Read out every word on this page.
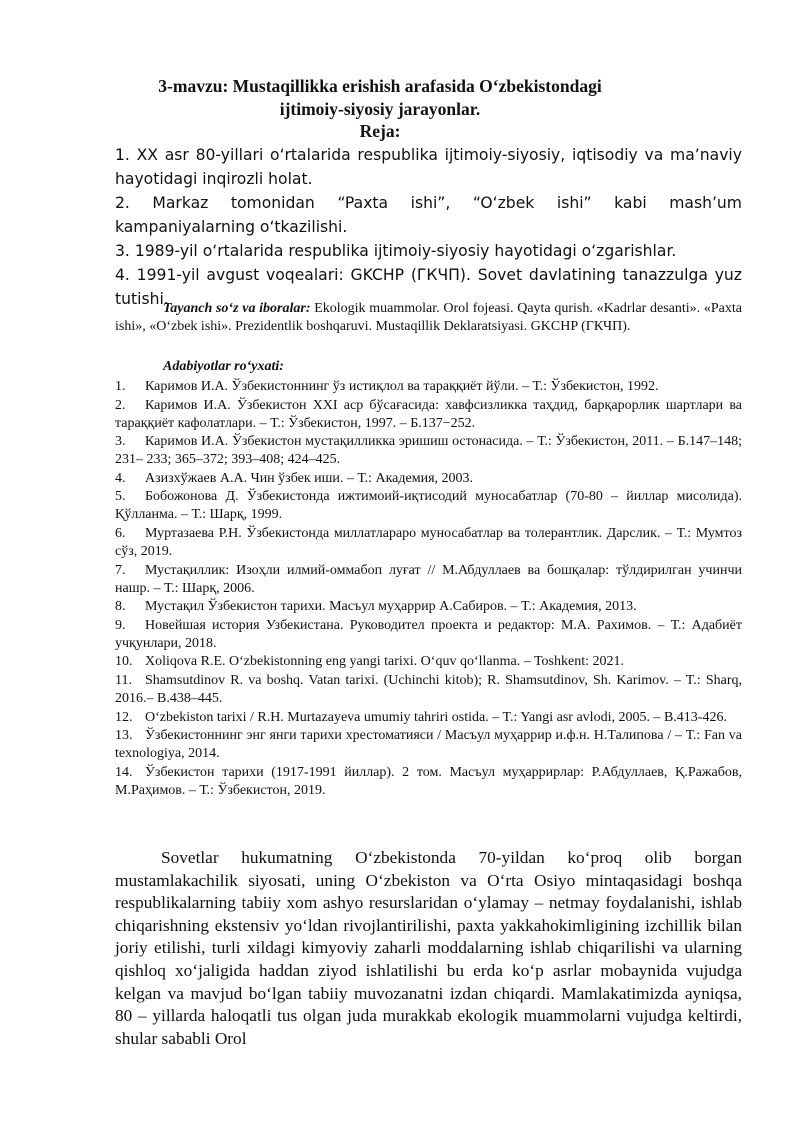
3-mavzu: Mustaqillikka erishish arafasida O‘zbekistondagi
ijtimoiy-siyosiy jarayonlar.
Reja:

1. XX asr 80-yillari o‘rtalarida respublika ijtimoiy-siyosiy, iqtisodiy va ma’naviy hayotidagi inqirozli holat.

2. Markaz tomonidan “Paxta ishi”, “O‘zbek ishi” kabi mash’um kampaniyalarning o‘tkazilishi.

3. 1989-yil o‘rtalarida respublika ijtimoiy-siyosiy hayotidagi o‘zgarishlar.

4. 1991-yil avgust voqealari: GKCHP (ГКЧП). Sovet davlatining tanazzulga yuz tutishi.

Tayanch so‘z va iboralar: Ekologik muammolar. Orol fojeasi. Qayta qurish. «Kadrlar desanti». «Paxta ishi», «O‘zbek ishi». Prezidentlik boshqaruvi. Mustaqillik Deklaratsiyasi. GKCHP (ГКЧП).

Adabiyotlar ro‘yxati:
1. Каримов И.А. Ўзбекистоннинг ўз истиқлол ва тараққиёт йўли. – Т.: Ўзбекистон, 1992.
2. Каримов И.А. Ўзбекистон XXI аср бўсағасида: хавфсизликка таҳдид, барқарорлик шартлари ва тараққиёт кафолатлари. – Т.: Ўзбекистон, 1997. – Б.137−252.
3. Каримов И.А. Ўзбекистон мустақилликка эришиш остонасида. – Т.: Ўзбекистон, 2011. – Б.147–148; 231– 233; 365–372; 393–408; 424–425.
4. Азизхўжаев А.А. Чин ўзбек иши. – Т.: Академия, 2003.
5. Бобожонова Д. Ўзбекистонда ижтимоий-иқтисодий муносабатлар (70-80 – йиллар мисолида). Қўлланма. – Т.: Шарқ, 1999.
6. Муртазаева Р.Н. Ўзбекистонда миллатлараро муносабатлар ва толерантлик. Дарслик. – Т.: Мумтоз сўз, 2019.
7. Мустақиллик: Изоҳли илмий-оммабоп луғат // М.Абдуллаев ва бошқалар: тўлдирилган учинчи нашр. – Т.: Шарқ, 2006.
8. Мустақил Ўзбекистон тарихи. Масъул муҳаррир А.Сабиров. – Т.: Академия, 2013.
9. Новейшая история Узбекистана. Руководител проекта и редактор: М.А. Рахимов. – Т.: Адабиёт учқунлари, 2018.
10. Xoliqova R.E. O‘zbekistonning eng yangi tarixi. O‘quv qo‘llanma. – Toshkent: 2021.
11. Shamsutdinov R. va boshq. Vatan tarixi. (Uchinchi kitob); R. Shamsutdinov, Sh. Karimov. – T.: Sharq, 2016.– B.438–445.
12. O‘zbekiston tarixi / R.H. Murtazayeva umumiy tahriri ostida. – T.: Yangi asr avlodi, 2005. – B.413-426.
13. Ўзбекистоннинг энг янги тарихи хрестоматияси / Масъул муҳаррир и.ф.н. Н.Талипова / – Т.: Fan va texnologiya, 2014.
14. Ўзбекистон тарихи (1917-1991 йиллар). 2 том. Масъул муҳаррирлар: Р.Абдуллаев, Қ.Ражабов, М.Раҳимов. – Т.: Ўзбекистон, 2019.

Sovetlar hukumatning O‘zbekistonda 70-yildan ko‘proq olib borgan mustamlakachilik siyosati, uning O‘zbekiston va O‘rta Osiyo mintaqasidagi boshqa respublikalarning tabiiy xom ashyo resurslaridan o‘ylamay – netmay foydalanishi, ishlab chiqarishning ekstensiv yo‘ldan rivojlantirilishi, paxta yakkahokimligining izchillik bilan joriy etilishi, turli xildagi kimyoviy zaharli moddalarning ishlab chiqarilishi va ularning qishloq xo‘jaligida haddan ziyod ishlatilishi bu erda ko‘p asrlar mobaynida vujudga kelgan va mavjud bo‘lgan tabiiy muvozanatni izdan chiqardi. Mamlakatimizda ayniqsa, 80 – yillarda haloqatli tus olgan juda murakkab ekologik muammolarni vujudga keltirdi, shular sababli Orol
